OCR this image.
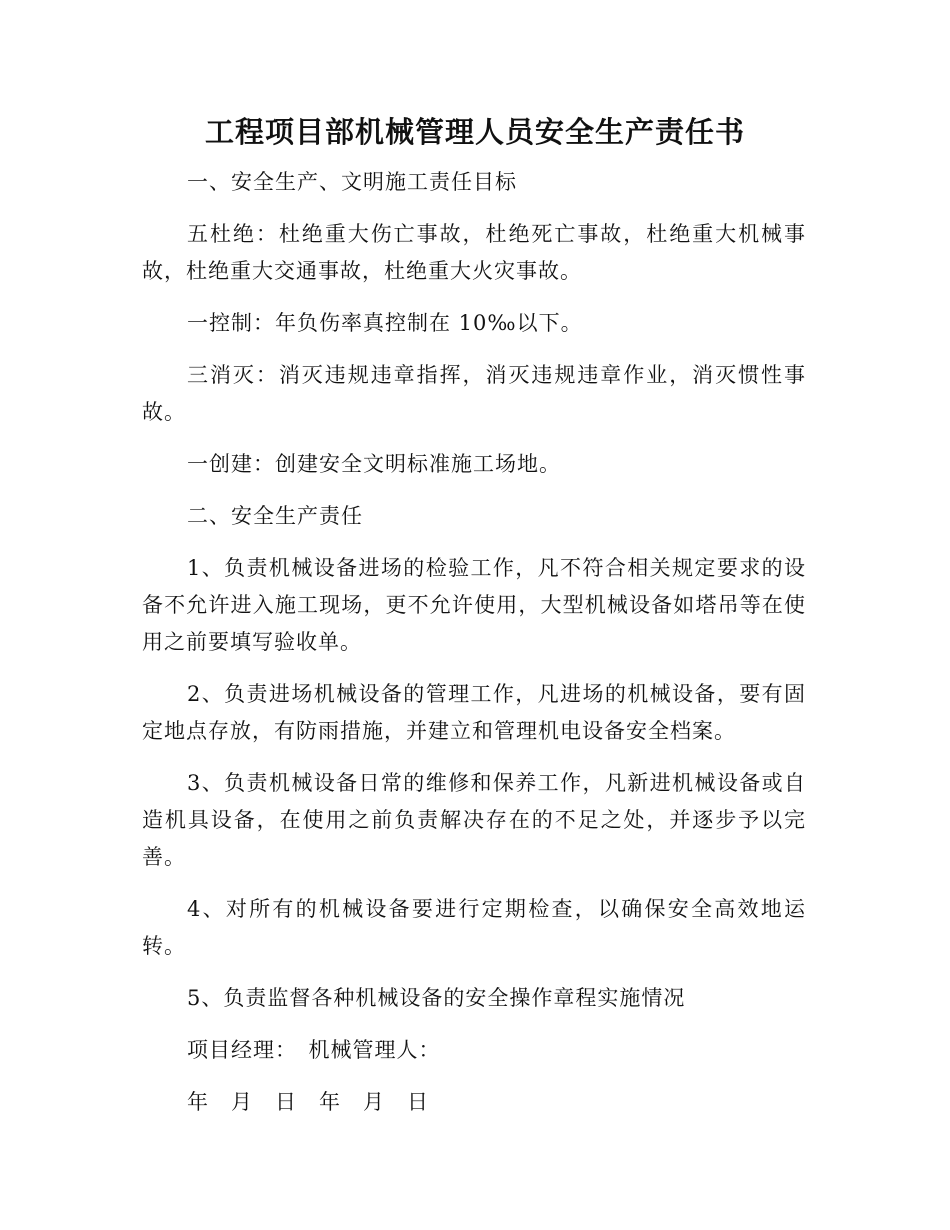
工程项目部机械管理人员安全生产责任书

一、安全生产、文明施工责任目标

五杜绝：杜绝重大伤亡事故，杜绝死亡事故，杜绝重大机械事故，杜绝重大交通事故，杜绝重大火灾事故。

一控制：年负伤率真控制在 10‰以下。

三消灭：消灭违规违章指挥，消灭违规违章作业，消灭惯性事故。

一创建：创建安全文明标准施工场地。

二、安全生产责任

1、负责机械设备进场的检验工作，凡不符合相关规定要求的设备不允许进入施工现场，更不允许使用，大型机械设备如塔吊等在使用之前要填写验收单。

2、负责进场机械设备的管理工作，凡进场的机械设备，要有固定地点存放，有防雨措施，并建立和管理机电设备安全档案。

3、负责机械设备日常的维修和保养工作，凡新进机械设备或自造机具设备，在使用之前负责解决存在的不足之处，并逐步予以完善。

4、对所有的机械设备要进行定期检查，以确保安全高效地运转。

5、负责监督各种机械设备的安全操作章程实施情况

项目经理：　机械管理人：

年　月　日　年　月　日
